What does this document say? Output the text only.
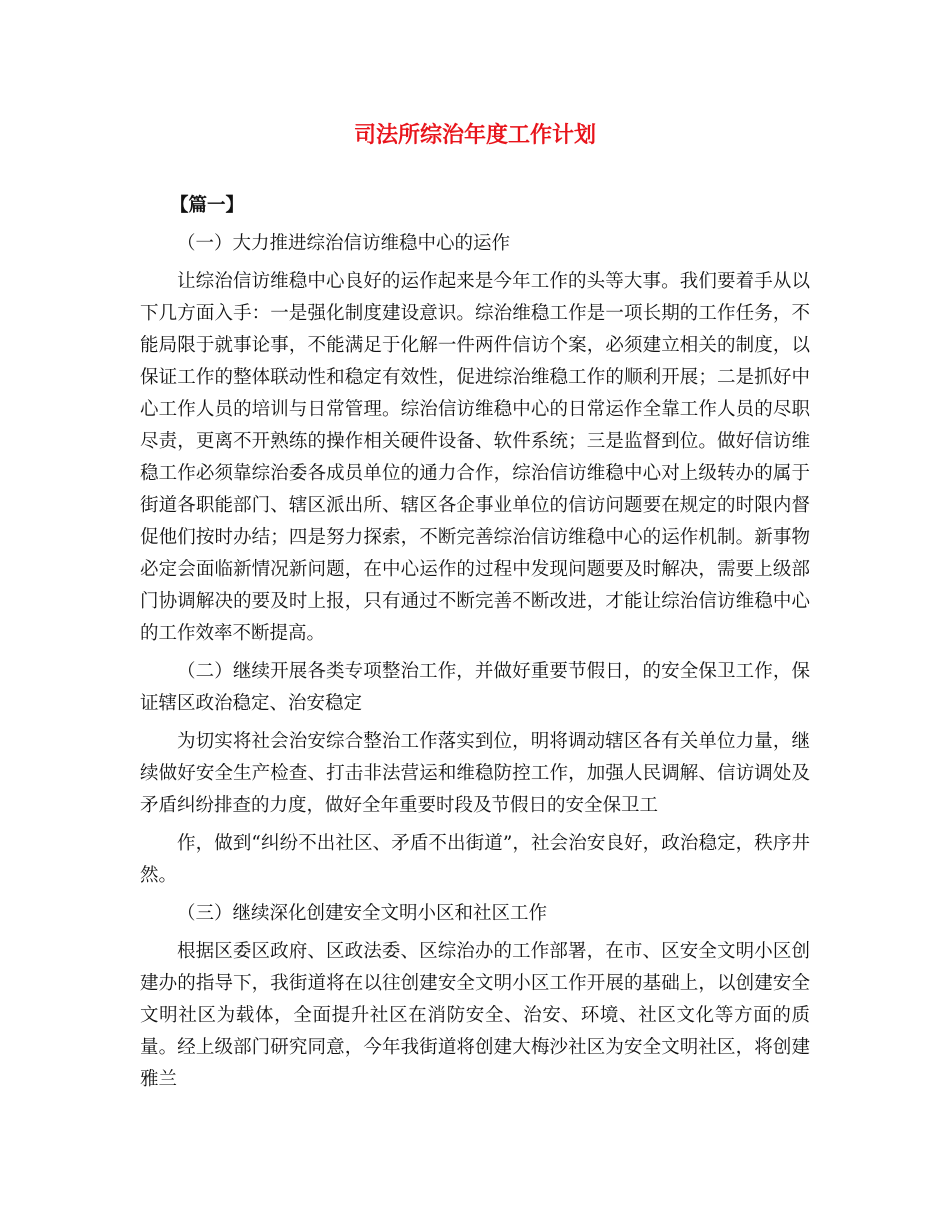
司法所综治年度工作计划

【篇一】

（一）大力推进综治信访维稳中心的运作

让综治信访维稳中心良好的运作起来是今年工作的头等大事。我们要着手从以下几方面入手：一是强化制度建设意识。综治维稳工作是一项长期的工作任务，不能局限于就事论事，不能满足于化解一件两件信访个案，必须建立相关的制度，以保证工作的整体联动性和稳定有效性，促进综治维稳工作的顺利开展；二是抓好中心工作人员的培训与日常管理。综治信访维稳中心的日常运作全靠工作人员的尽职尽责，更离不开熟练的操作相关硬件设备、软件系统；三是监督到位。做好信访维稳工作必须靠综治委各成员单位的通力合作，综治信访维稳中心对上级转办的属于街道各职能部门、辖区派出所、辖区各企事业单位的信访问题要在规定的时限内督促他们按时办结；四是努力探索，不断完善综治信访维稳中心的运作机制。新事物必定会面临新情况新问题，在中心运作的过程中发现问题要及时解决，需要上级部门协调解决的要及时上报，只有通过不断完善不断改进，才能让综治信访维稳中心的工作效率不断提高。

（二）继续开展各类专项整治工作，并做好重要节假日，的安全保卫工作，保证辖区政治稳定、治安稳定

为切实将社会治安综合整治工作落实到位，明将调动辖区各有关单位力量，继续做好安全生产检查、打击非法营运和维稳防控工作，加强人民调解、信访调处及矛盾纠纷排查的力度，做好全年重要时段及节假日的安全保卫工

作，做到“纠纷不出社区、矛盾不出街道”，社会治安良好，政治稳定，秩序井然。

（三）继续深化创建安全文明小区和社区工作

根据区委区政府、区政法委、区综治办的工作部署，在市、区安全文明小区创建办的指导下，我街道将在以往创建安全文明小区工作开展的基础上，以创建安全文明社区为载体，全面提升社区在消防安全、治安、环境、社区文化等方面的质量。经上级部门研究同意，今年我街道将创建大梅沙社区为安全文明社区，将创建雅兰
